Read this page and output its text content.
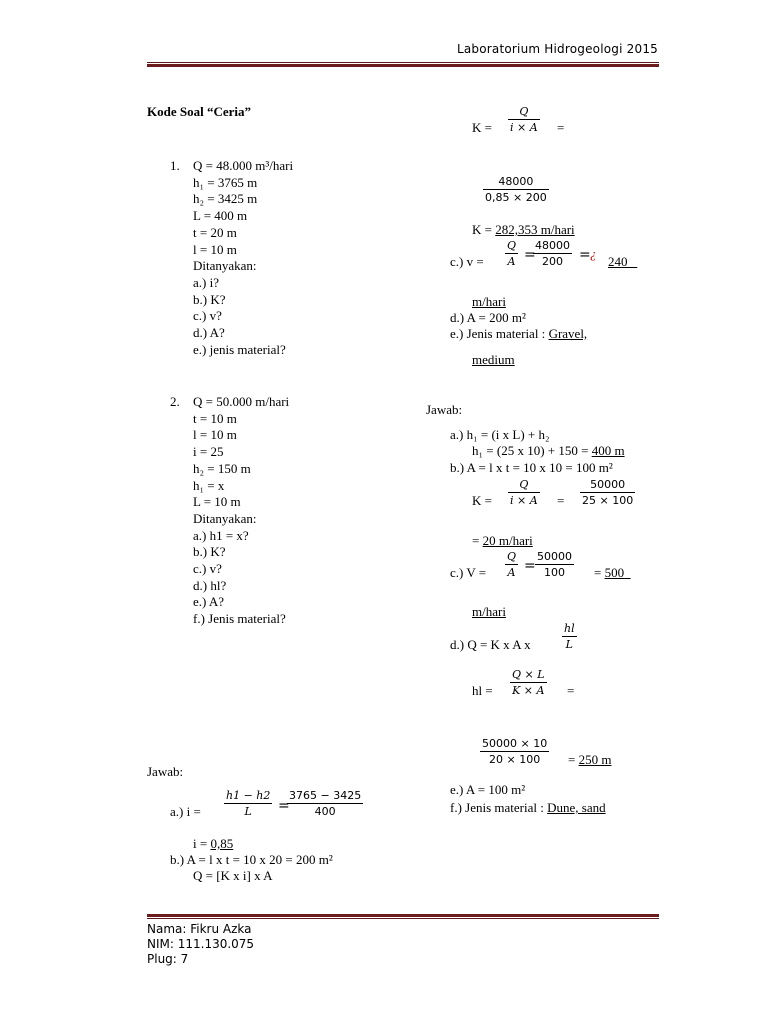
Laboratorium Hidrogeologi 2015
Kode Soal “Ceria”
1. Q = 48.000 m³/hari
h₁ = 3765 m
h₂ = 3425 m
L = 400 m
t = 20 m
l = 10 m
Ditanyakan:
a.) i?
b.) K?
c.) v?
d.) A?
e.) jenis material?
2. Q = 50.000 m/hari
t = 10 m
l = 10 m
i = 25
h₂ = 150 m
h₁ = x
L = 10 m
Ditanyakan:
a.) h1 = x?
b.) K?
c.) v?
d.) hl?
e.) A?
f.) Jenis material?
Jawab:
a.) $i = \frac{h1 - h2}{L}$ =
$\frac{3765 - 3425}{400}$
i = 0,85
b.) A = l x t = 10 x 20 = 200 m²
Q = [K x i] x A
$K = \frac{Q}{i \times A}$ =
$\frac{48000}{0,85 \times 200}$
K = 282,353 m/hari
c.) $v = \frac{Q}{A}$ =
$\frac{48000}{200}$ = ¿
240
m/hari
d.) A = 200 m²
e.) Jenis material : Gravel,
medium
Jawab:
a.) h₁ = (i x L) + h₂
h₁ = (25 x 10) + 150 = 400 m
b.) A = l x t = 10 x 10 = 100 m²
$K = \frac{Q}{i \times A} = \frac{50000}{25 \times 100}$
= 20 m/hari
c.) $V = \frac{Q}{A} = \frac{50000}{100} = 500$
m/hari
d.) Q = K x A x	$\frac{hl}{L}$
hl = $\frac{Q \times L}{K \times A}$ =
$\frac{50000 \times 10}{20 \times 100} = 250$ m
e.) A = 100 m²
f.) Jenis material : Dune, sand
Nama: Fikru Azka
NIM: 111.130.075
Plug: 7
